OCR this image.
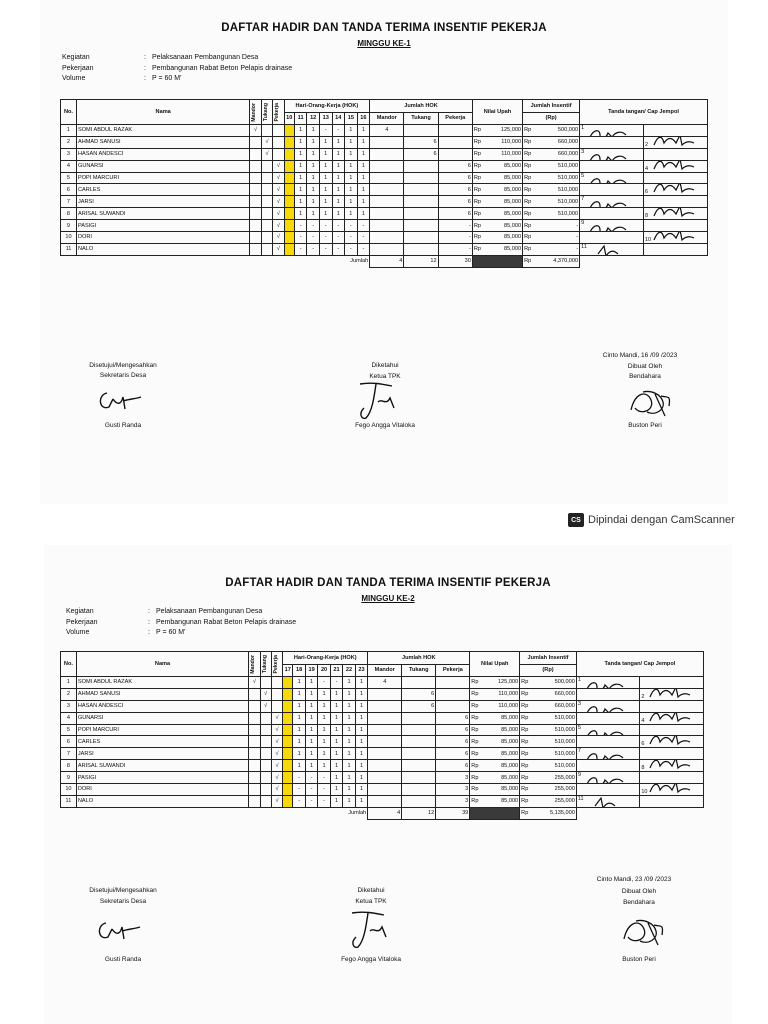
DAFTAR HADIR DAN TANDA TERIMA INSENTIF PEKERJA
MINGGU KE-1
Kegiatan	: Pelaksanaan Pembangunan Desa
Pekerjaan	: Pembangunan Rabat Beton Pelapis drainase
Volume	: P = 60 M'
No.	Nama	Mandor	Tukang	Pekerja	Hari-Orang-Kerja (HOK)							Jumlah HOK			Nilai Upah	Jumlah Insentif	Tanda tangan/ Cap Jempol	
					10	11	12	13	14	15	16	Mandor	Tukang	Pekerja		(Rp)		
1	SOMI ABDUL RAZAK	√				1	1	-	-	1	1	4			Rp 125,000	Rp 500,000	1	

2	AHMAD SANUSI		√			1	1	1	1	1	1		6		Rp 110,000	Rp 660,000		2

3	HASAN ANDESCI		√			1	1	1	1	1	1		6		Rp 110,000	Rp 660,000	3	

4	GUNARSI			√		1	1	1	1	1	1			6	Rp 85,000	Rp 510,000		4

5	POPI MARCURI			√		1	1	1	1	1	1			6	Rp 85,000	Rp 510,000	5	

6	CARLES			√		1	1	1	1	1	1			6	Rp 85,000	Rp 510,000		6

7	JARSI			√		1	1	1	1	1	1			6	Rp 85,000	Rp 510,000	7	

8	ARISAL SUWANDI			√		1	1	1	1	1	1			6	Rp 85,000	Rp 510,000		8

9	PASIGI			√		-	-	-	-	-	-			-	Rp 85,000	Rp -	9	

10	DORI			√		-	-	-	-	-	-			-	Rp 85,000	Rp -		10

11	NALO			√		-	-	-	-	-	-			-	Rp 85,000	Rp -	11	

Jumlah												4	12	30		Rp 4,370,000		

Disetujui/Mengesahkan
Sekretaris Desa
Gusti Randa
Diketahui
Ketua TPK
Fego Angga Vitaloka
Cinto Mandi, 16 /09 /2023
Dibuat Oleh
Bendahara
Buston Peri
CS Dipindai dengan CamScanner
DAFTAR HADIR DAN TANDA TERIMA INSENTIF PEKERJA
MINGGU KE-2
Kegiatan	: Pelaksanaan Pembangunan Desa
Pekerjaan	: Pembangunan Rabat Beton Pelapis drainase
Volume	: P = 60 M'
No.	Nama	Mandor	Tukang	Pekerja	Hari-Orang-Kerja (HOK)							Jumlah HOK			Nilai Upah	Jumlah Insentif	Tanda tangan/ Cap Jempol	
					17	18	19	20	21	22	23	Mandor	Tukang	Pekerja		(Rp)		
1	SOMI ABDUL RAZAK	√				1	1	-	-	1	1	4			Rp 125,000	Rp 500,000	1	

2	AHMAD SANUSI		√			1	1	1	1	1	1		6		Rp 110,000	Rp 660,000		2

3	HASAN ANDESCI		√			1	1	1	1	1	1		6		Rp 110,000	Rp 660,000	3	

4	GUNARSI			√		1	1	1	1	1	1			6	Rp 85,000	Rp 510,000		4

5	POPI MARCURI			√		1	1	1	1	1	1			6	Rp 85,000	Rp 510,000	5	

6	CARLES			√		1	1	1	1	1	1			6	Rp 85,000	Rp 510,000		6

7	JARSI			√		1	1	1	1	1	1			6	Rp 85,000	Rp 510,000	7	

8	ARISAL SUWANDI			√		1	1	1	1	1	1			6	Rp 85,000	Rp 510,000		8

9	PASIGI			√		-	-	-	1	1	1			3	Rp 85,000	Rp 255,000	9	

10	DORI			√		-	-	-	1	1	1			3	Rp 85,000	Rp 255,000		10

11	NALO			√		-	-	-	1	1	1			3	Rp 85,000	Rp 255,000	11	

Jumlah												4	12	39		Rp 5,135,000		

Disetujui/Mengesahkan
Sekretaris Desa
Gusti Randa
Diketahui
Ketua TPK
Fego Angga Vitaloka
Cinto Mandi, 23 /09 /2023
Dibuat Oleh
Bendahara
Buston Peri
